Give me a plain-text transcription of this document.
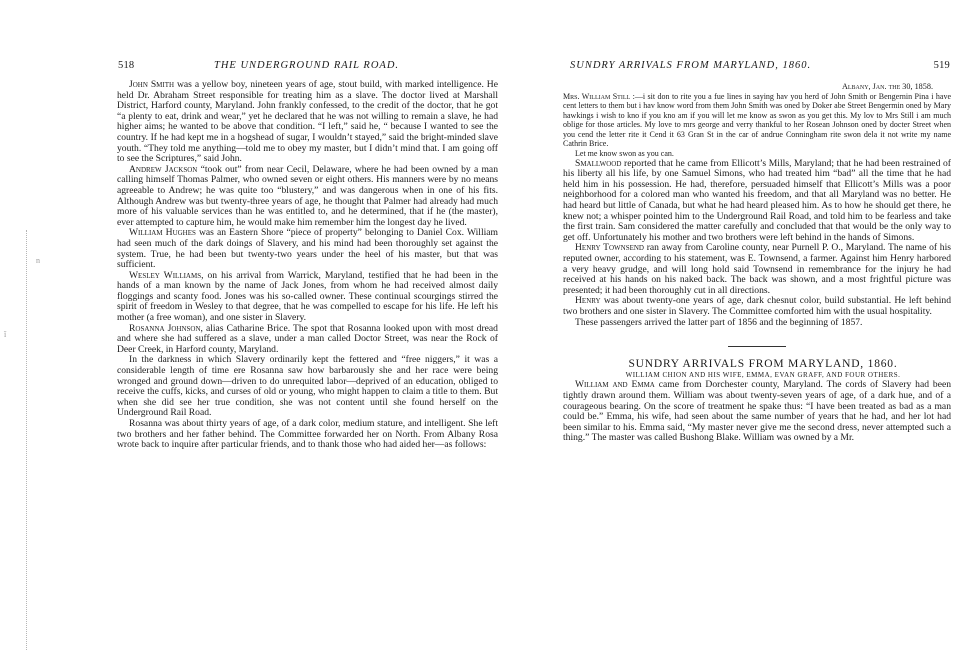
n
ǐ
518	THE UNDERGROUND RAIL ROAD.

John Smith was a yellow boy, nineteen years of age, stout build, with marked intelligence. He held Dr. Abraham Street responsible for treating him as a slave. The doctor lived at Marshall District, Harford county, Maryland. John frankly confessed, to the credit of the doctor, that he got “a plenty to eat, drink and wear,” yet he declared that he was not willing to remain a slave, he had higher aims; he wanted to be above that condition. “I left,” said he, “ because I wanted to see the country. If he had kept me in a hogshead of sugar, I wouldn’t stayed,” said the bright-minded slave youth. “They told me anything—told me to obey my master, but I didn’t mind that. I am going off to see the Scriptures,” said John.

Andrew Jackson “took out” from near Cecil, Delaware, where he had been owned by a man calling himself Thomas Palmer, who owned seven or eight others. His manners were by no means agreeable to Andrew; he was quite too “blustery,” and was dangerous when in one of his fits. Although Andrew was but twenty-three years of age, he thought that Palmer had already had much more of his valuable services than he was entitled to, and he determined, that if he (the master), ever attempted to capture him, he would make him remember him the longest day he lived.

William Hughes was an Eastern Shore “piece of property” belonging to Daniel Cox. William had seen much of the dark doings of Slavery, and his mind had been thoroughly set against the system. True, he had been but twenty-two years under the heel of his master, but that was sufficient.

Wesley Williams, on his arrival from Warrick, Maryland, testified that he had been in the hands of a man known by the name of Jack Jones, from whom he had received almost daily floggings and scanty food. Jones was his so-called owner. These continual scourgings stirred the spirit of freedom in Wesley to that degree, that he was compelled to escape for his life. He left his mother (a free woman), and one sister in Slavery.

Rosanna Johnson, alias Catharine Brice. The spot that Rosanna looked upon with most dread and where she had suffered as a slave, under a man called Doctor Street, was near the Rock of Deer Creek, in Harford county, Maryland.

In the darkness in which Slavery ordinarily kept the fettered and “free niggers,” it was a considerable length of time ere Rosanna saw how barbarously she and her race were being wronged and ground down—driven to do unrequited labor—deprived of an education, obliged to receive the cuffs, kicks, and curses of old or young, who might happen to claim a title to them. But when she did see her true condition, she was not content until she found herself on the Underground Rail Road.

Rosanna was about thirty years of age, of a dark color, medium stature, and intelligent. She left two brothers and her father behind. The Committee forwarded her on North. From Albany Rosa wrote back to inquire after particular friends, and to thank those who had aided her—as follows:

SUNDRY ARRIVALS FROM MARYLAND, 1860.	519

Albany, Jan. the 30, 1858.

Mrs. William Still :—i sit don to rite you a fue lines in saying hav you herd of John Smith or Bengernin Pina i have cent letters to them but i hav know word from them John Smith was oned by Doker abe Street Bengermin oned by Mary hawkings i wish to kno if you kno am if you will let me know as swon as you get this. My lov to Mrs Still i am much oblige for those articles. My love to mrs george and verry thankful to her Rosean Johnson oned by docter Street when you cend the letter rite it Cend it 63 Gran St in the car of andrue Conningham rite swon dela it not write my name Cathrin Brice.

Let me know swon as you can.

Smallwood reported that he came from Ellicott’s Mills, Maryland; that he had been restrained of his liberty all his life, by one Samuel Simons, who had treated him “bad” all the time that he had held him in his possession. He had, therefore, persuaded himself that Ellicott’s Mills was a poor neighborhood for a colored man who wanted his freedom, and that all Maryland was no better. He had heard but little of Canada, but what he had heard pleased him. As to how he should get there, he knew not; a whisper pointed him to the Underground Rail Road, and told him to be fearless and take the first train. Sam considered the matter carefully and concluded that that would be the only way to get off. Unfortunately his mother and two brothers were left behind in the hands of Simons.

Henry Townsend ran away from Caroline county, near Purnell P. O., Maryland. The name of his reputed owner, according to his statement, was E. Townsend, a farmer. Against him Henry harbored a very heavy grudge, and will long hold said Townsend in remembrance for the injury he had received at his hands on his naked back. The back was shown, and a most frightful picture was presented; it had been thoroughly cut in all directions.

Henry was about twenty-one years of age, dark chesnut color, build substantial. He left behind two brothers and one sister in Slavery. The Committee comforted him with the usual hospitality.

These passengers arrived the latter part of 1856 and the beginning of 1857.

SUNDRY ARRIVALS FROM MARYLAND, 1860.

WILLIAM CHION AND HIS WIFE, EMMA, EVAN GRAFF, AND FOUR OTHERS.

William and Emma came from Dorchester county, Maryland. The cords of Slavery had been tightly drawn around them. William was about twenty-seven years of age, of a dark hue, and of a courageous bearing. On the score of treatment he spake thus: “I have been treated as bad as a man could be.” Emma, his wife, had seen about the same number of years that he had, and her lot had been similar to his. Emma said, “My master never give me the second dress, never attempted such a thing.” The master was called Bushong Blake. William was owned by a Mr.
